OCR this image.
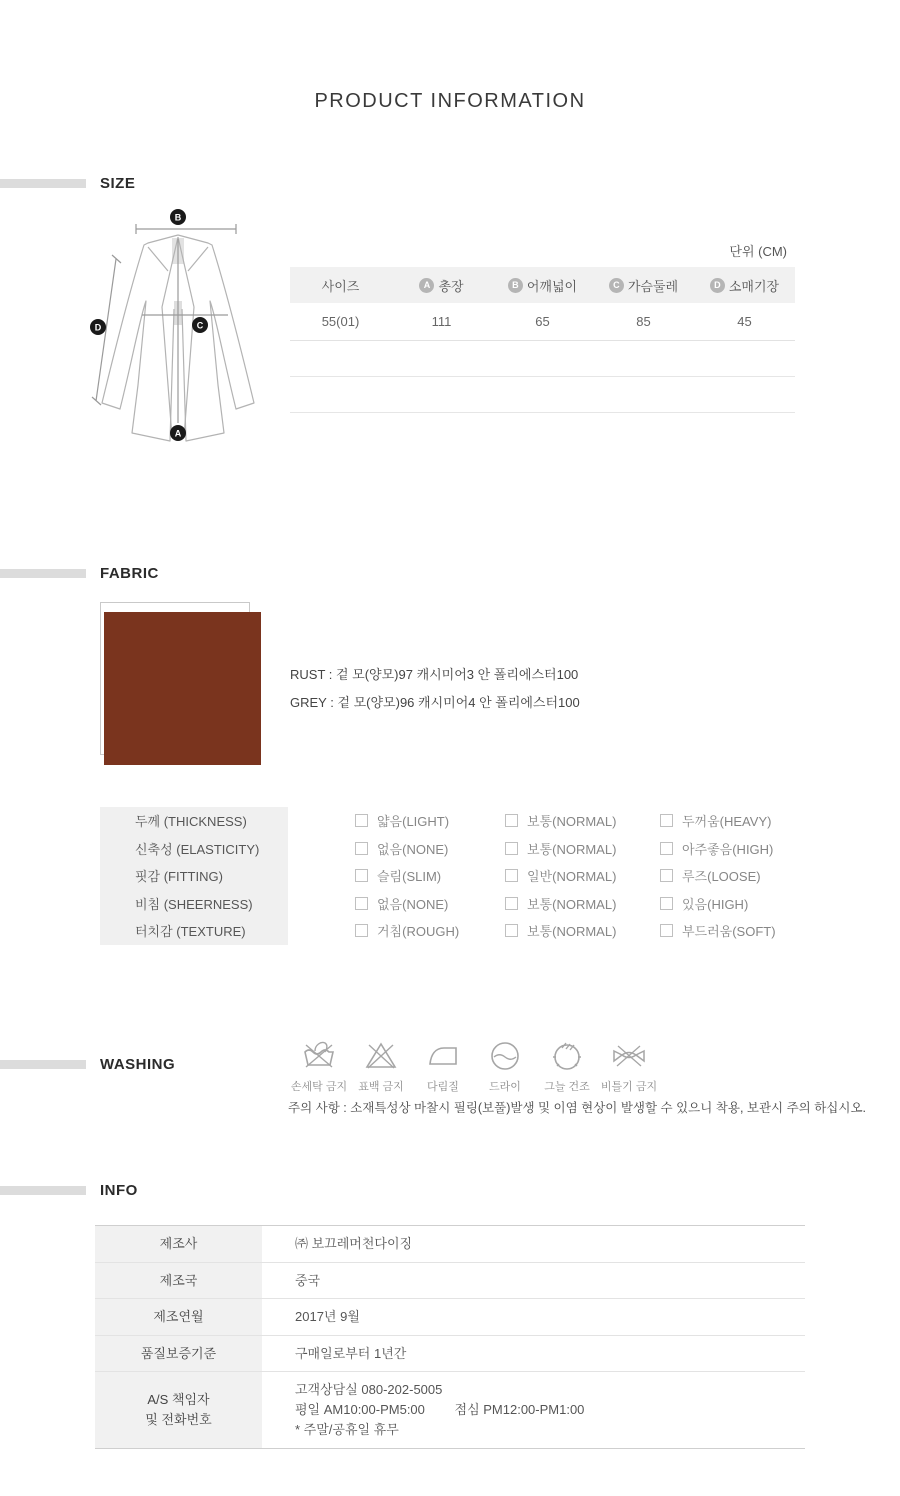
PRODUCT INFORMATION
SIZE
B
D	C
A
단위 (CM)
사이즈	A 총장	B 어깨넓이	C 가슴둘레	D 소매기장
55(01)	111	65	85	45
FABRIC
RUST : 겉 모(양모)97 캐시미어3 안 폴리에스터100
GREY : 겉 모(양모)96 캐시미어4 안 폴리에스터100
두께 (THICKNESS)	얇음(LIGHT)	보통(NORMAL)	두꺼움(HEAVY)
신축성 (ELASTICITY)	없음(NONE)	보통(NORMAL)	아주좋음(HIGH)
핏감 (FITTING)	슬림(SLIM)	일반(NORMAL)	루즈(LOOSE)
비침 (SHEERNESS)	없음(NONE)	보통(NORMAL)	있음(HIGH)
터치감 (TEXTURE)	거침(ROUGH)	보통(NORMAL)	부드러움(SOFT)
WASHING
손세탁 금지 표백 금지 다림질	드라이 그늘 건조 비틀기 금지
주의 사항 : 소재특성상 마찰시 필링(보풀)발생 및 이염 현상이 발생할 수 있으니 착용, 보관시 주의 하십시오.
INFO
제조사	㈜ 보끄레머천다이징
제조국	중국
제조연월	2017년 9월
품질보증기준	구매일로부터 1년간
A/S 책임자
및 전화번호
고객상담실 080-202-5005
평일 AM10:00-PM5:00 점심 PM12:00-PM1:00
* 주말/공휴일 휴무
